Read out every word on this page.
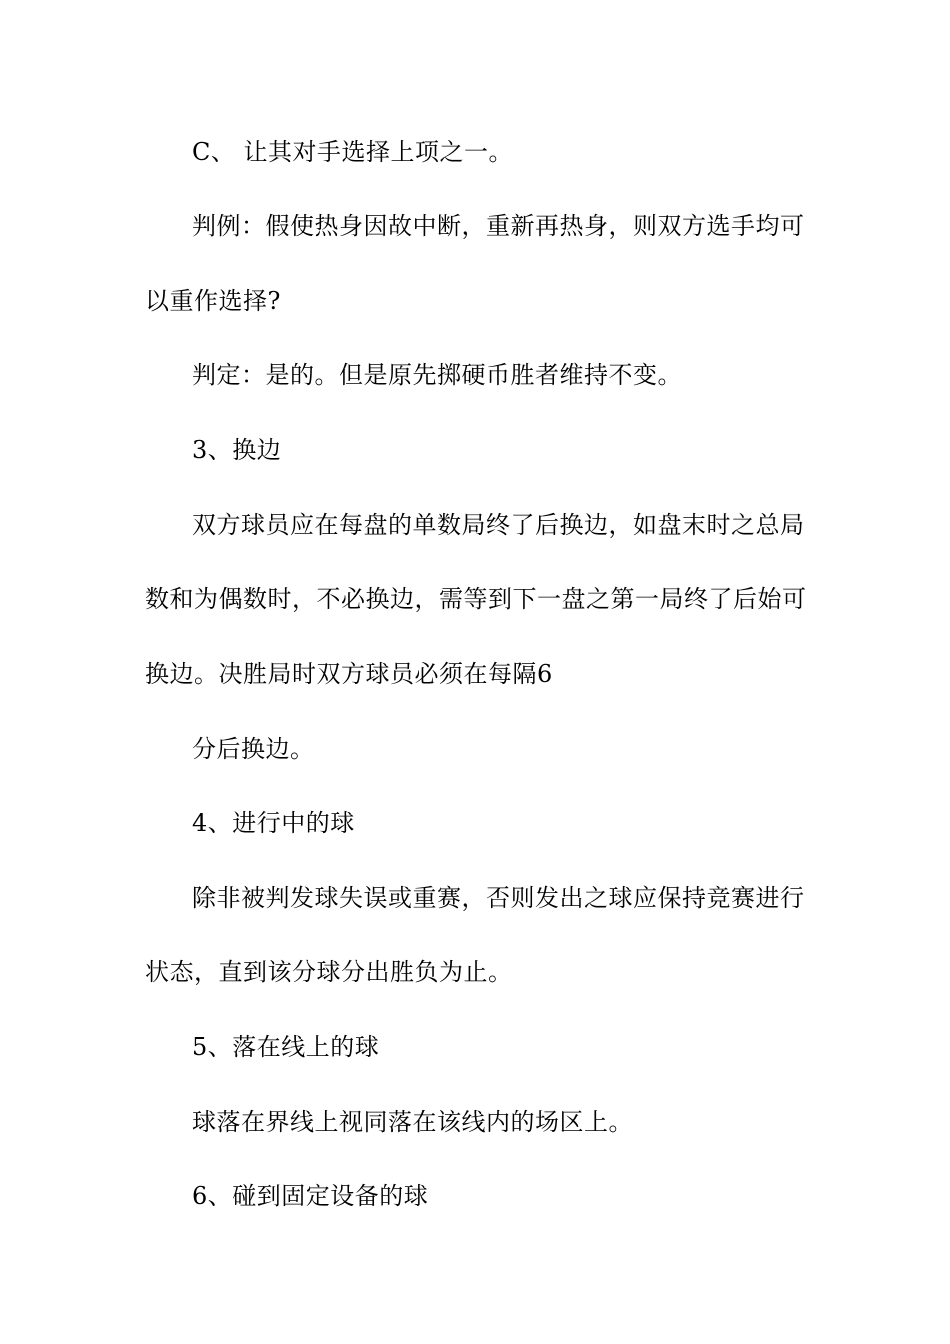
C、 让其对手选择上项之一。
判例：假使热身因故中断，重新再热身，则双方选手均可
以重作选择?
判定：是的。但是原先掷硬币胜者维持不变。
3、换边
双方球员应在每盘的单数局终了后换边，如盘末时之总局
数和为偶数时，不必换边，需等到下一盘之第一局终了后始可
换边。决胜局时双方球员必须在每隔6
分后换边。
4、进行中的球
除非被判发球失误或重赛，否则发出之球应保持竞赛进行
状态，直到该分球分出胜负为止。
5、落在线上的球
球落在界线上视同落在该线内的场区上。
6、碰到固定设备的球
